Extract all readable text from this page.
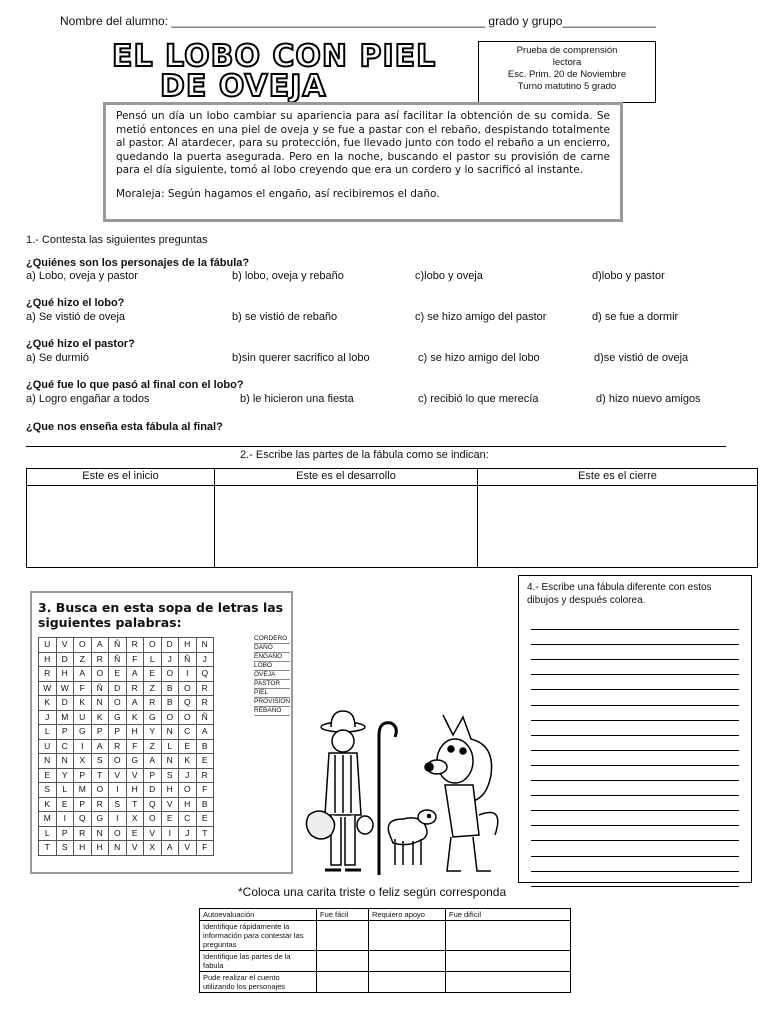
Nombre del alumno: _______________________________________________ grado y grupo______________
EL LOBO CON PIEL
DE OVEJA
Prueba de comprensión
lectora
Esc. Prim. 20 de Noviembre
Turno matutino 5 grado
Pensó un día un lobo cambiar su apariencia para así facilitar la obtención de su comida. Se metió entonces en una piel de oveja y se fue a pastar con el rebaño, despistando totalmente al pastor. Al atardecer, para su protección, fue llevado junto con todo el rebaño a un encierro, quedando la puerta asegurada. Pero en la noche, buscando el pastor su provisión de carne para el día siguiente, tomó al lobo creyendo que era un cordero y lo sacrificó al instante.
Moraleja: Según hagamos el engaño, así recibiremos el daño.
1.- Contesta las siguientes preguntas
¿Quiénes son los personajes de la fábula?
a) Lobo, oveja y pastor	b) lobo, oveja y rebaño	c)lobo y oveja	d)lobo y pastor
¿Qué hizo el lobo?
a) Se vistió de oveja	b) se vistió de rebaño	c) se hizo amigo del pastor	d) se fue a dormir
¿Qué hizo el pastor?
a) Se durmió	b)sin querer sacrifico al lobo	c) se hizo amigo del lobo	d)se vistió de oveja
¿Qué fue lo que pasó al final con el lobo?
a) Logro engañar a todos	b) le hicieron una fiesta	c) recibió lo que merecía	d) hizo nuevo amigos
¿Que nos enseña esta fábula al final?
2.- Escribe las partes de la fábula como se indican:
Este es el inicio	Este es el desarrollo	Este es el cierre

3. Busca en esta sopa de letras las siguientes palabras:
U	V	O	A	Ñ	R	O	D	H	N
H	D	Z	R	Ñ	F	L	J	Ñ	J
R	H	A	O	E	A	E	O	I	Q
W	W	F	Ñ	D	R	Z	B	O	R
K	D	K	N	O	A	R	B	Q	R
J	M	U	K	G	K	G	O	O	Ñ
L	P	G	P	P	H	Y	N	C	A
U	C	I	A	R	F	Z	L	E	B
N	N	X	S	O	G	A	N	K	E
E	Y	P	T	V	V	P	S	J	R
S	L	M	O	I	H	D	H	O	F
K	E	P	R	S	T	Q	V	H	B
M	I	Q	G	I	X	O	E	C	E
L	P	R	N	O	E	V	I	J	T
T	S	H	H	N	V	X	A	V	F
CORDERO
DAÑO
ENGAÑO
LOBO
OVEJA
PASTOR
PIEL
PROVISION
REBAÑO
4.- Escribe una fábula diferente con estos dibujos y después colorea.
*Coloca una carita triste o feliz según corresponda
Autoevaluación	Fue fácil	Requiero apoyo	Fue difícil
Identifique rápidamente la información para contestar las preguntas			
Identifique las partes de la fabula			
Pude realizar el cuento utilizando los personajes			
